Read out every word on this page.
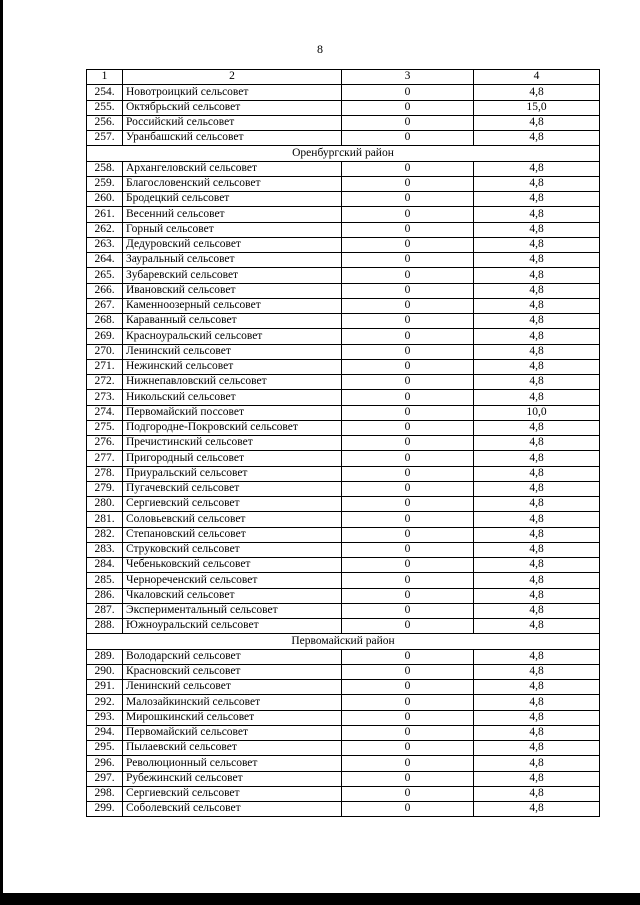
8
1	2	3	4
254.	Новотроицкий сельсовет	0	4,8
255.	Октябрьский сельсовет	0	15,0
256.	Российский сельсовет	0	4,8
257.	Уранбашский сельсовет	0	4,8
Оренбургский район			
258.	Архангеловский сельсовет	0	4,8
259.	Благословенский сельсовет	0	4,8
260.	Бродецкий сельсовет	0	4,8
261.	Весенний сельсовет	0	4,8
262.	Горный сельсовет	0	4,8
263.	Дедуровский сельсовет	0	4,8
264.	Зауральный сельсовет	0	4,8
265.	Зубаревский сельсовет	0	4,8
266.	Ивановский сельсовет	0	4,8
267.	Каменноозерный сельсовет	0	4,8
268.	Караванный сельсовет	0	4,8
269.	Красноуральский сельсовет	0	4,8
270.	Ленинский сельсовет	0	4,8
271.	Нежинский сельсовет	0	4,8
272.	Нижнепавловский сельсовет	0	4,8
273.	Никольский сельсовет	0	4,8
274.	Первомайский поссовет	0	10,0
275.	Подгородне-Покровский сельсовет	0	4,8
276.	Пречистинский сельсовет	0	4,8
277.	Пригородный сельсовет	0	4,8
278.	Приуральский сельсовет	0	4,8
279.	Пугачевский сельсовет	0	4,8
280.	Сергиевский сельсовет	0	4,8
281.	Соловьевский сельсовет	0	4,8
282.	Степановский сельсовет	0	4,8
283.	Струковский сельсовет	0	4,8
284.	Чебеньковский сельсовет	0	4,8
285.	Чернореченский сельсовет	0	4,8
286.	Чкаловский сельсовет	0	4,8
287.	Экспериментальный сельсовет	0	4,8
288.	Южноуральский сельсовет	0	4,8
Первомайский район			
289.	Володарский сельсовет	0	4,8
290.	Красновский сельсовет	0	4,8
291.	Ленинский сельсовет	0	4,8
292.	Малозайкинский сельсовет	0	4,8
293.	Мирошкинский сельсовет	0	4,8
294.	Первомайский сельсовет	0	4,8
295.	Пылаевский сельсовет	0	4,8
296.	Революционный сельсовет	0	4,8
297.	Рубежинский сельсовет	0	4,8
298.	Сергиевский сельсовет	0	4,8
299.	Соболевский сельсовет	0	4,8
